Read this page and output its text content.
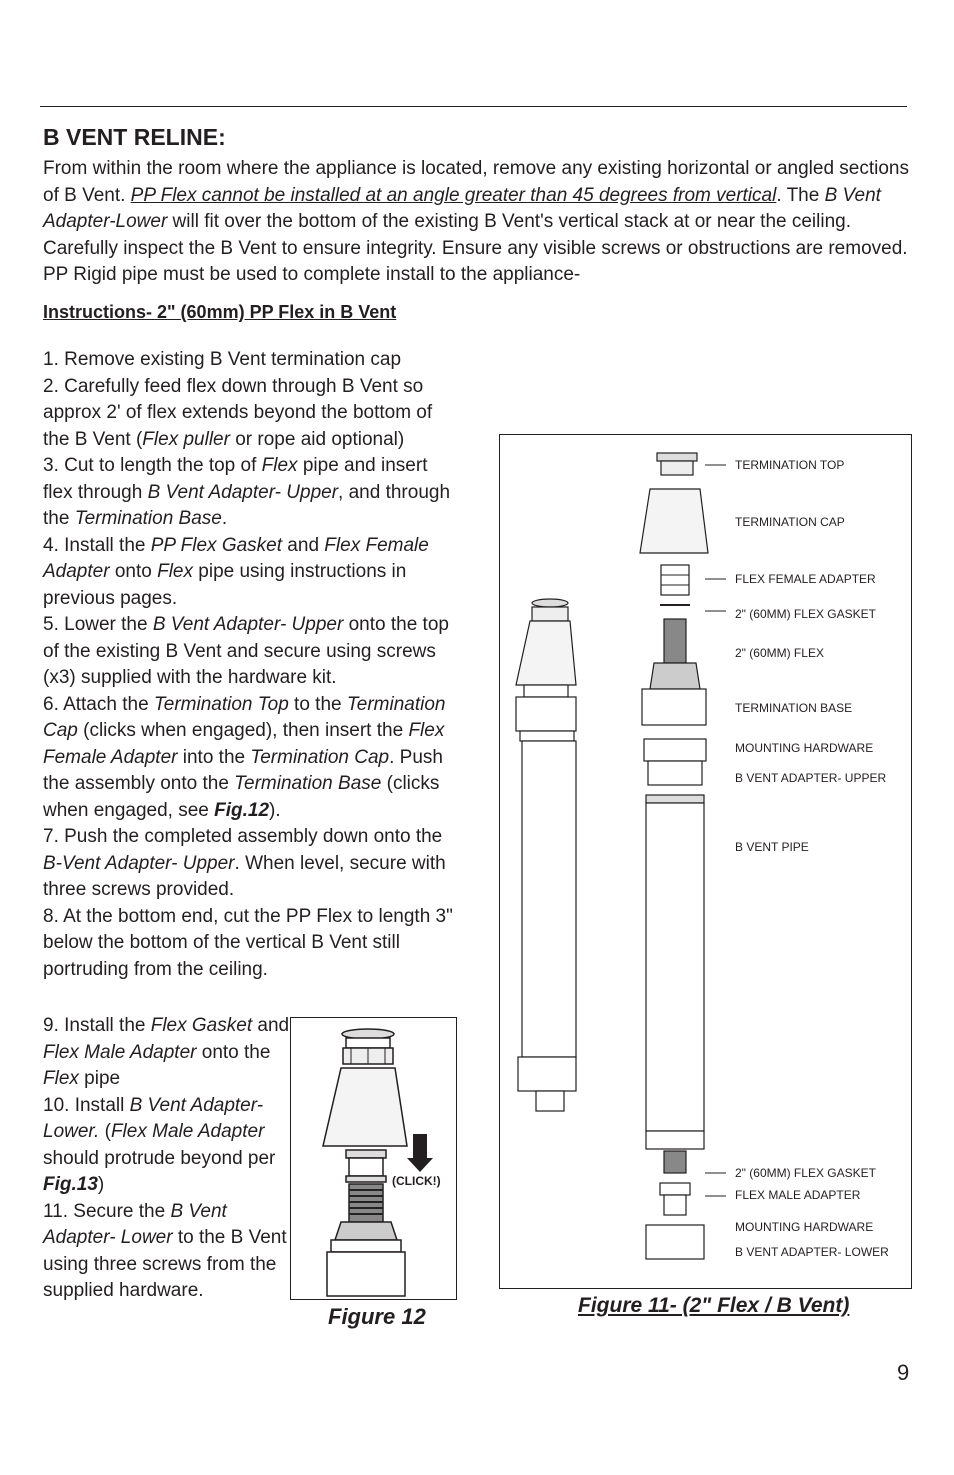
B VENT RELINE:

From within the room where the appliance is located, remove any existing horizontal or angled sections of B Vent. PP Flex cannot be installed at an angle greater than 45 degrees from vertical. The B Vent Adapter-Lower will fit over the bottom of the existing B Vent's vertical stack at or near the ceiling. Carefully inspect the B Vent to ensure integrity. Ensure any visible screws or obstructions are removed. PP Rigid pipe must be used to complete install to the appliance-

Instructions- 2" (60mm) PP Flex in B Vent

1. Remove existing B Vent termination cap

2. Carefully feed flex down through B Vent so approx 2' of flex extends beyond the bottom of the B Vent (Flex puller or rope aid optional)

3. Cut to length the top of Flex pipe and insert flex through B Vent Adapter- Upper, and through the Termination Base.

4. Install the PP Flex Gasket and Flex Female Adapter onto Flex pipe using instructions in previous pages.

5. Lower the B Vent Adapter- Upper onto the top of the existing B Vent and secure using screws (x3) supplied with the hardware kit.

6. Attach the Termination Top to the Termination Cap (clicks when engaged), then insert the Flex Female Adapter into the Termination Cap. Push the assembly onto the Termination Base (clicks when engaged, see Fig.12).

7. Push the completed assembly down onto the B-Vent Adapter- Upper. When level, secure with three screws provided.

8. At the bottom end, cut the PP Flex to length 3" below the bottom of the vertical B Vent still portruding from the ceiling.

9. Install the Flex Gasket and Flex Male Adapter onto the Flex pipe

10. Install B Vent Adapter-Lower. (Flex Male Adapter should protrude beyond per Fig.13)

11. Secure the B Vent Adapter- Lower to the B Vent using three screws from the supplied hardware.

(CLICK!)
Figure 12
TERMINATION TOP
TERMINATION CAP
FLEX FEMALE ADAPTER
2" (60MM) FLEX GASKET
2" (60MM) FLEX
TERMINATION BASE
MOUNTING HARDWARE
B VENT ADAPTER- UPPER
B VENT PIPE
2" (60MM) FLEX GASKET
FLEX MALE ADAPTER
MOUNTING HARDWARE
B VENT ADAPTER- LOWER
Figure 11- (2" Flex / B Vent)
9
